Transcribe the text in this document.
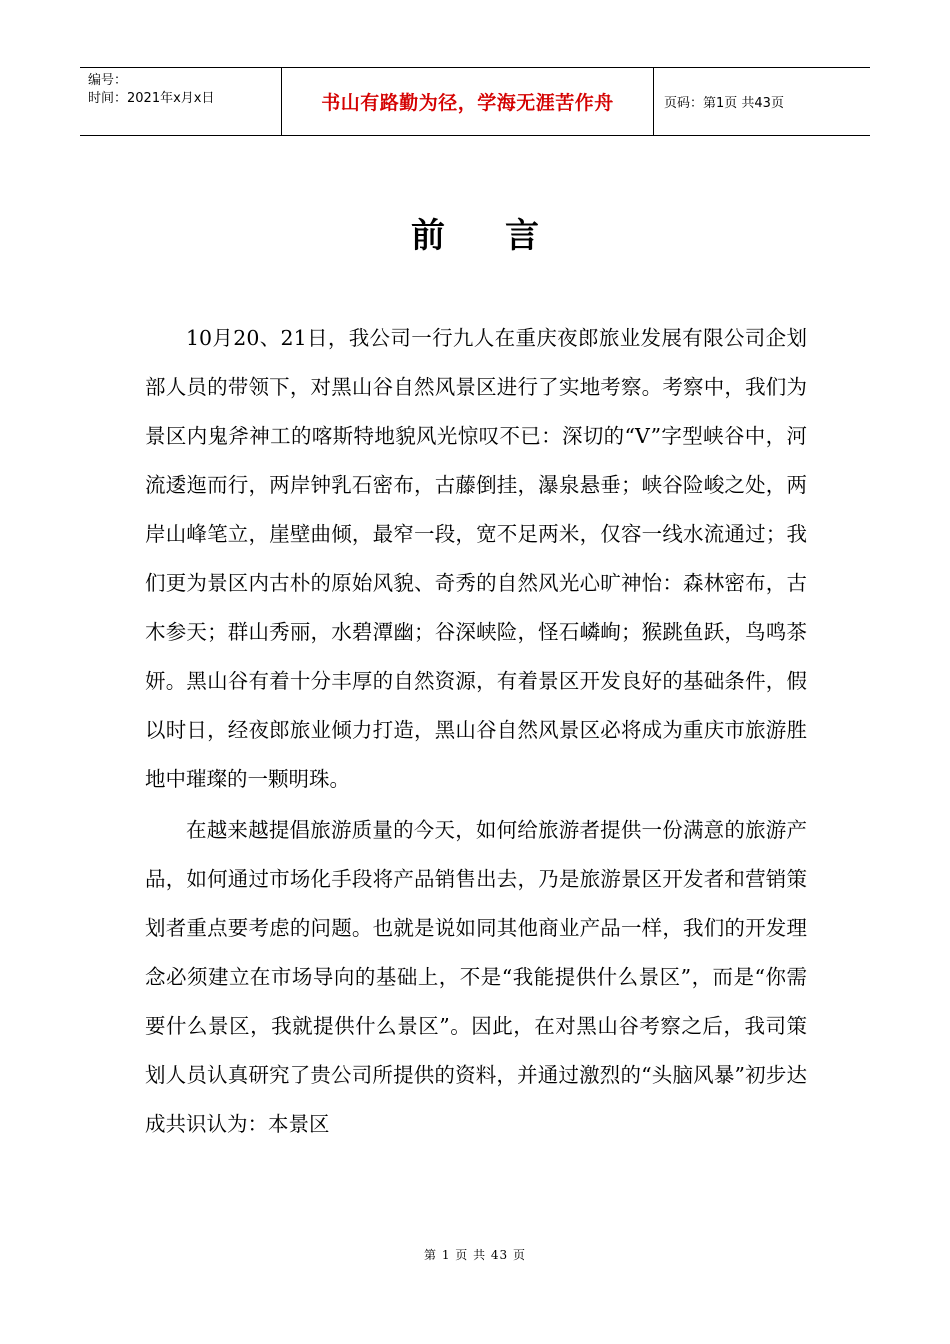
编号：
时间：2021年x月x日	书山有路勤为径，学海无涯苦作舟	页码：第1页 共43页
前言

10月20、21日，我公司一行九人在重庆夜郎旅业发展有限公司企划部人员的带领下，对黑山谷自然风景区进行了实地考察。考察中，我们为景区内鬼斧神工的喀斯特地貌风光惊叹不已：深切的“V”字型峡谷中，河流逶迤而行，两岸钟乳石密布，古藤倒挂，瀑泉悬垂；峡谷险峻之处，两岸山峰笔立，崖壁曲倾，最窄一段，宽不足两米，仅容一线水流通过；我们更为景区内古朴的原始风貌、奇秀的自然风光心旷神怡：森林密布，古木参天；群山秀丽，水碧潭幽；谷深峡险，怪石嶙峋；猴跳鱼跃，鸟鸣茶妍。黑山谷有着十分丰厚的自然资源，有着景区开发良好的基础条件，假以时日，经夜郎旅业倾力打造，黑山谷自然风景区必将成为重庆市旅游胜地中璀璨的一颗明珠。

在越来越提倡旅游质量的今天，如何给旅游者提供一份满意的旅游产品，如何通过市场化手段将产品销售出去，乃是旅游景区开发者和营销策划者重点要考虑的问题。也就是说如同其他商业产品一样，我们的开发理念必须建立在市场导向的基础上，不是“我能提供什么景区”，而是“你需要什么景区，我就提供什么景区”。因此，在对黑山谷考察之后，我司策划人员认真研究了贵公司所提供的资料，并通过激烈的“头脑风暴”初步达成共识认为：本景区

第 1 页 共 43 页
